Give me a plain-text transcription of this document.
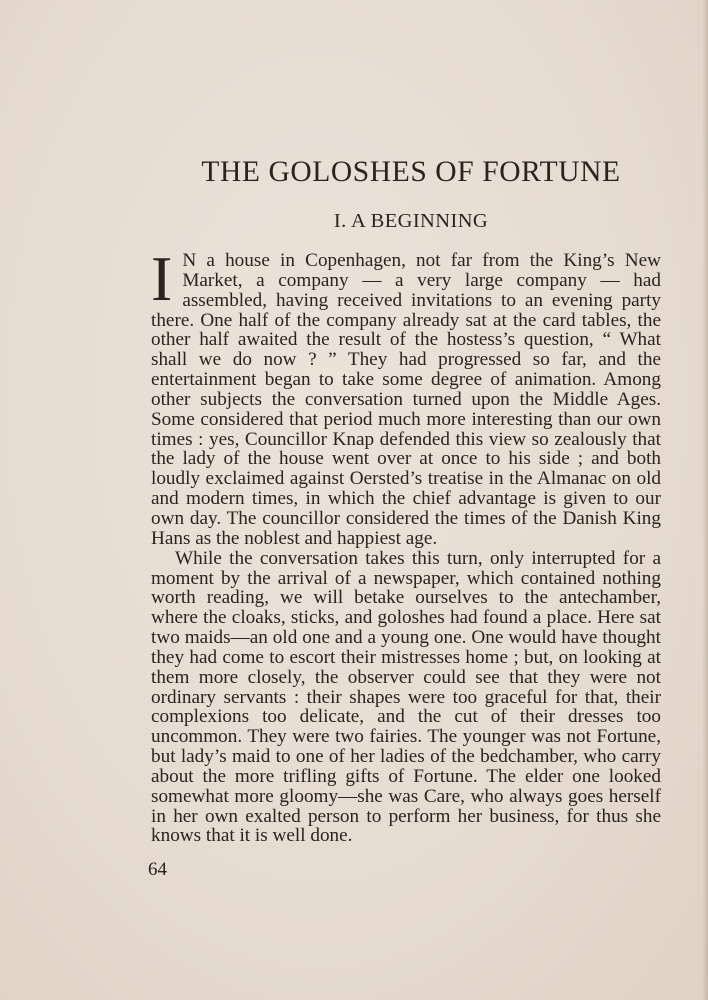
THE GOLOSHES OF FORTUNE
I. A BEGINNING

I N a house in Copenhagen, not far from the King’s New Market, a company — a very large company — had assembled, having received invitations to an evening party there. One half of the company already sat at the card tables, the other half awaited the result of the hostess’s question, “ What shall we do now ? ” They had progressed so far, and the entertainment began to take some degree of animation. Among other subjects the conversation turned upon the Middle Ages. Some considered that period much more interesting than our own times : yes, Councillor Knap defended this view so zealously that the lady of the house went over at once to his side ; and both loudly exclaimed against Oersted’s treatise in the Almanac on old and modern times, in which the chief advantage is given to our own day. The councillor considered the times of the Danish King Hans as the noblest and happiest age.

While the conversation takes this turn, only interrupted for a moment by the arrival of a newspaper, which contained nothing worth reading, we will betake ourselves to the antechamber, where the cloaks, sticks, and goloshes had found a place. Here sat two maids—an old one and a young one. One would have thought they had come to escort their mistresses home ; but, on looking at them more closely, the observer could see that they were not ordinary servants : their shapes were too graceful for that, their complexions too delicate, and the cut of their dresses too uncommon. They were two fairies. The younger was not Fortune, but lady’s maid to one of her ladies of the bedchamber, who carry about the more trifling gifts of Fortune. The elder one looked somewhat more gloomy—she was Care, who always goes herself in her own exalted person to perform her business, for thus she knows that it is well done.

64
